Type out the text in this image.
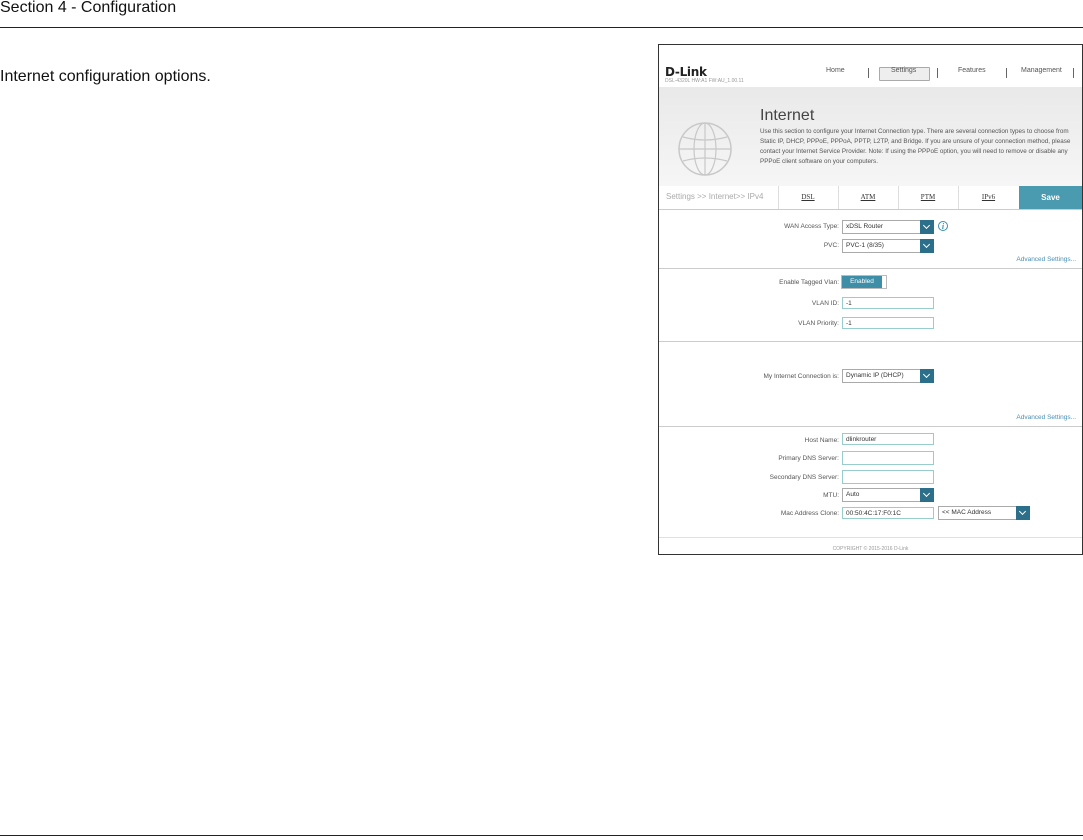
Section 4 - Configuration
Internet configuration options.	D-Link
DSL-4320L HW:A1 FW:AU_1.00.11
Home	Settings	Features	Management
Internet
Use this section to configure your Internet Connection type. There are several connection types to choose from Static IP, DHCP, PPPoE, PPPoA, PPTP, L2TP, and Bridge. If you are unsure of your connection method, please contact your Internet Service Provider. Note: If using the PPPoE option, you will need to remove or disable any PPPoE client software on your computers.
Settings >> Internet>> IPv4	DSL	ATM	PTM	IPv6	Save
WAN Access Type:	xDSL Router	i
PVC:	PVC-1 (8/35)
Advanced Settings...
Enable Tagged Vlan:	Enabled
VLAN ID:	-1
VLAN Priority:	-1
My Internet Connection is:	Dynamic IP (DHCP)
Advanced Settings...
Host Name:	dlinkrouter
Primary DNS Server:
Secondary DNS Server:
MTU:	Auto
Mac Address Clone:	00:50:4C:17:F0:1C	<< MAC Address
COPYRIGHT © 2015-2016 D-Link
